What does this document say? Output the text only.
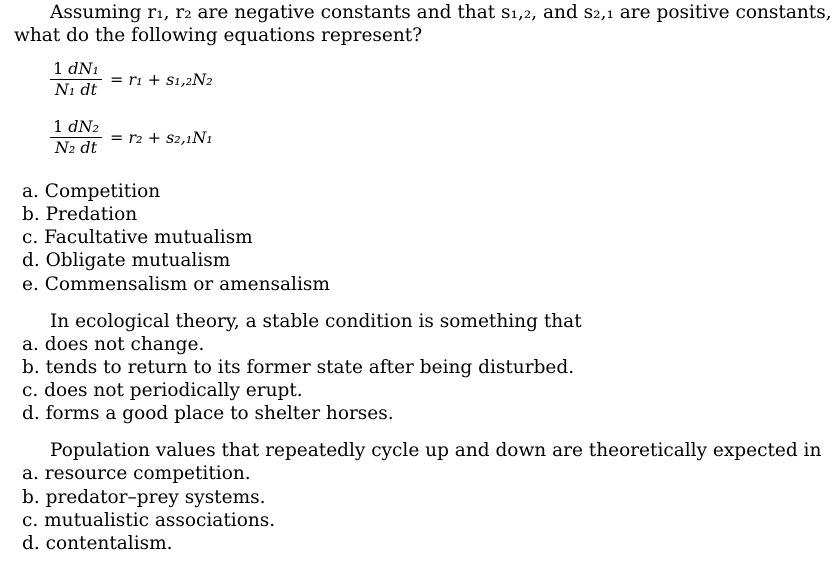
Assuming r₁, r₂ are negative constants and that s₁,₂, and s₂,₁ are positive constants,
what do the following equations represent?
$\frac{\text{1 dN₁}}{\text{N₁ dt}} = r_1 + s_1,_2N_2$
$\frac{\text{1 dN₂}}{\text{N₂ dt}} = r_2 + s_2,_1N_1$
a. Competition
b. Predation
c. Facultative mutualism
d. Obligate mutualism
e. Commensalism or amensalism
In ecological theory, a stable condition is something that
a. does not change.
b. tends to return to its former state after being disturbed.
c. does not periodically erupt.
d. forms a good place to shelter horses.
Population values that repeatedly cycle up and down are theoretically expected in
a. resource competition.
b. predator–prey systems.
c. mutualistic associations.
d. contentalism.
